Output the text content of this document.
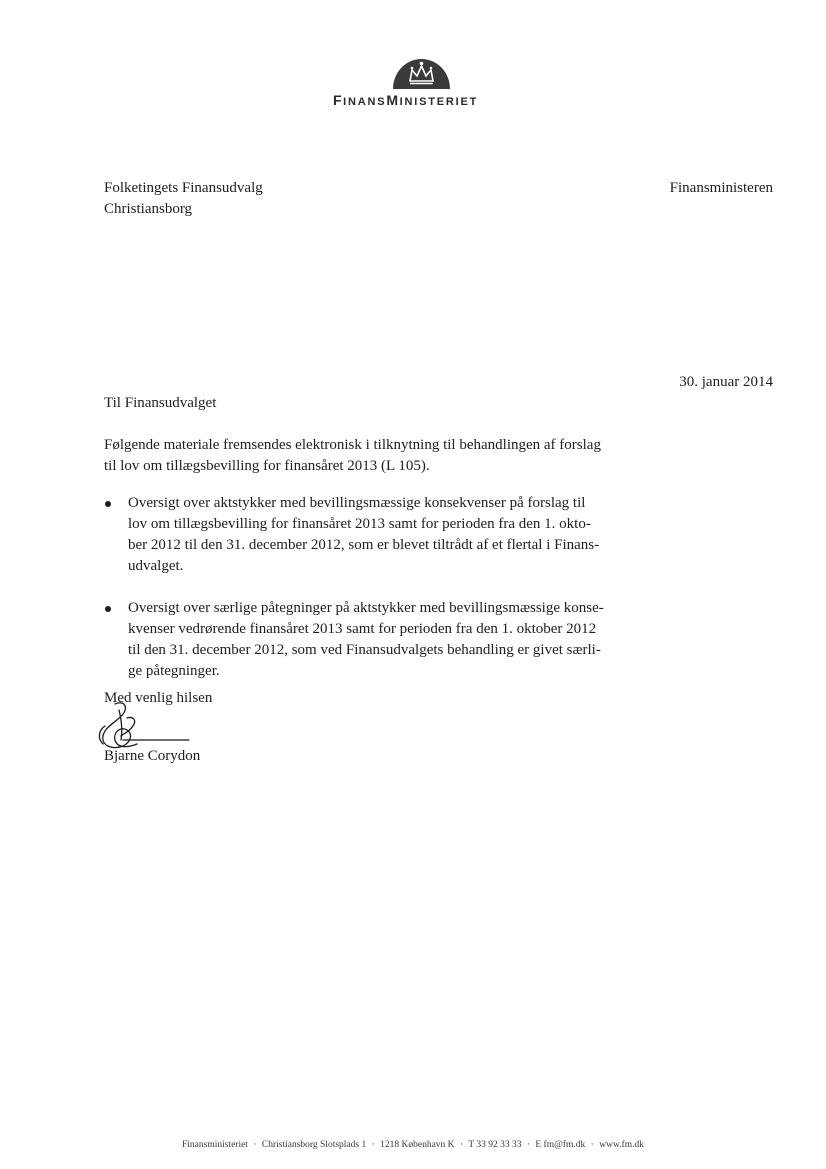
FINANSMINISTERIET
Folketingets Finansudvalg
Christiansborg
Finansministeren
30. januar 2014
Til Finansudvalget
Følgende materiale fremsendes elektronisk i tilknytning til behandlingen af forslag
til lov om tillægsbevilling for finansåret 2013 (L 105).
Oversigt over aktstykker med bevillingsmæssige konsekvenser på forslag til
lov om tillægsbevilling for finansåret 2013 samt for perioden fra den 1. okto-
ber 2012 til den 31. december 2012, som er blevet tiltrådt af et flertal i Finans-
udvalget.
Oversigt over særlige påtegninger på aktstykker med bevillingsmæssige konse-
kvenser vedrørende finansåret 2013 samt for perioden fra den 1. oktober 2012
til den 31. december 2012, som ved Finansudvalgets behandling er givet særli-
ge påtegninger.
Med venlig hilsen
Bjarne Corydon
Finansministeriet · Christiansborg Slotsplads 1 · 1218 København K · T 33 92 33 33 · E fm@fm.dk · www.fm.dk
